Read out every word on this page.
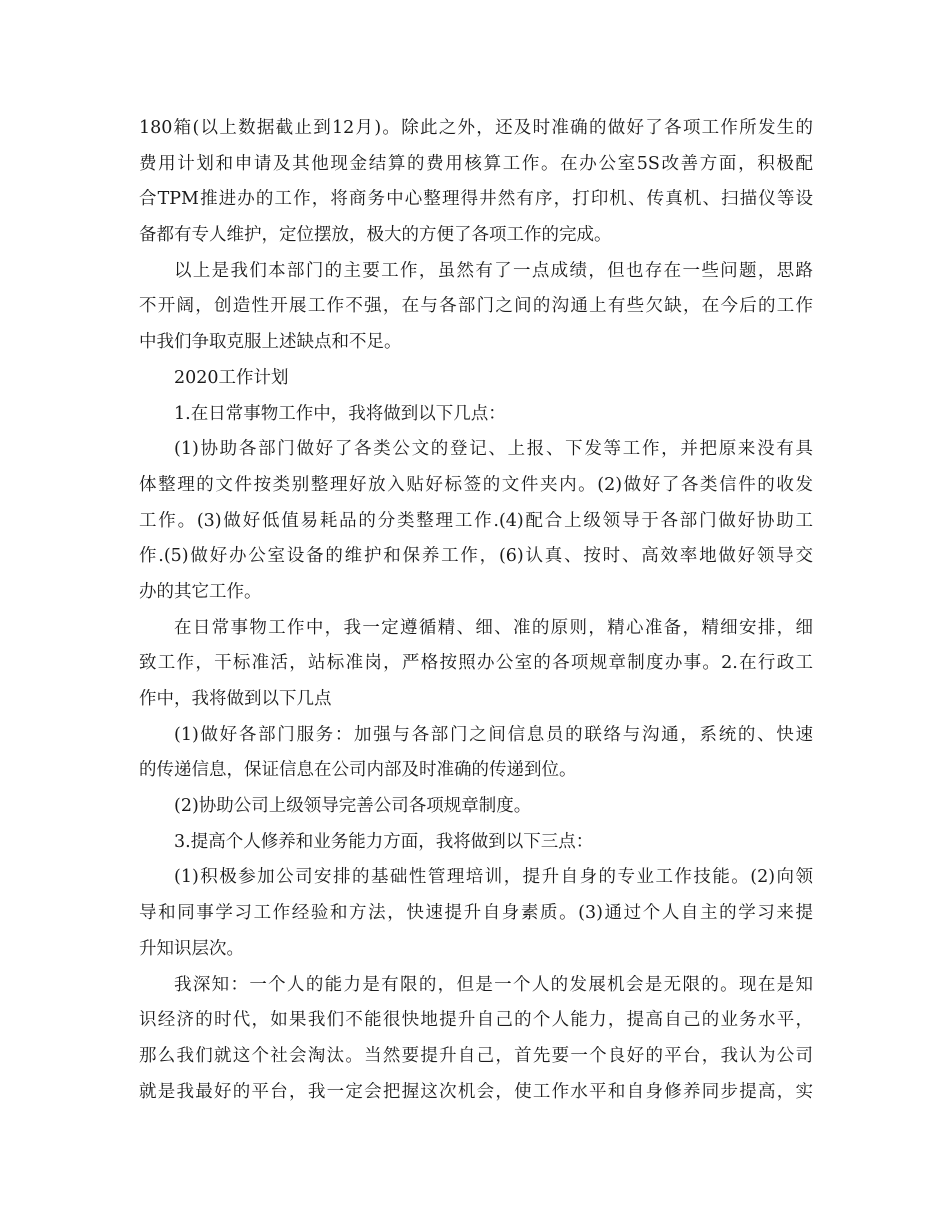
180箱(以上数据截止到12月)。除此之外，还及时准确的做好了各项工作所发生的
费用计划和申请及其他现金结算的费用核算工作。在办公室5S改善方面，积极配
合TPM推进办的工作，将商务中心整理得井然有序，打印机、传真机、扫描仪等设
备都有专人维护，定位摆放，极大的方便了各项工作的完成。
以上是我们本部门的主要工作，虽然有了一点成绩，但也存在一些问题，思路
不开阔，创造性开展工作不强，在与各部门之间的沟通上有些欠缺，在今后的工作
中我们争取克服上述缺点和不足。
2020工作计划
1.在日常事物工作中，我将做到以下几点：
(1)协助各部门做好了各类公文的登记、上报、下发等工作，并把原来没有具
体整理的文件按类别整理好放入贴好标签的文件夹内。(2)做好了各类信件的收发
工作。(3)做好低值易耗品的分类整理工作.(4)配合上级领导于各部门做好协助工
作.(5)做好办公室设备的维护和保养工作，(6)认真、按时、高效率地做好领导交
办的其它工作。
在日常事物工作中，我一定遵循精、细、准的原则，精心准备，精细安排，细
致工作，干标准活，站标准岗，严格按照办公室的各项规章制度办事。2.在行政工
作中，我将做到以下几点
(1)做好各部门服务：加强与各部门之间信息员的联络与沟通，系统的、快速
的传递信息，保证信息在公司内部及时准确的传递到位。
(2)协助公司上级领导完善公司各项规章制度。
3.提高个人修养和业务能力方面，我将做到以下三点：
(1)积极参加公司安排的基础性管理培训，提升自身的专业工作技能。(2)向领
导和同事学习工作经验和方法，快速提升自身素质。(3)通过个人自主的学习来提
升知识层次。
我深知：一个人的能力是有限的，但是一个人的发展机会是无限的。现在是知
识经济的时代，如果我们不能很快地提升自己的个人能力，提高自己的业务水平，
那么我们就这个社会淘汰。当然要提升自己，首先要一个良好的平台，我认为公司
就是我最好的平台，我一定会把握这次机会，使工作水平和自身修养同步提高，实
